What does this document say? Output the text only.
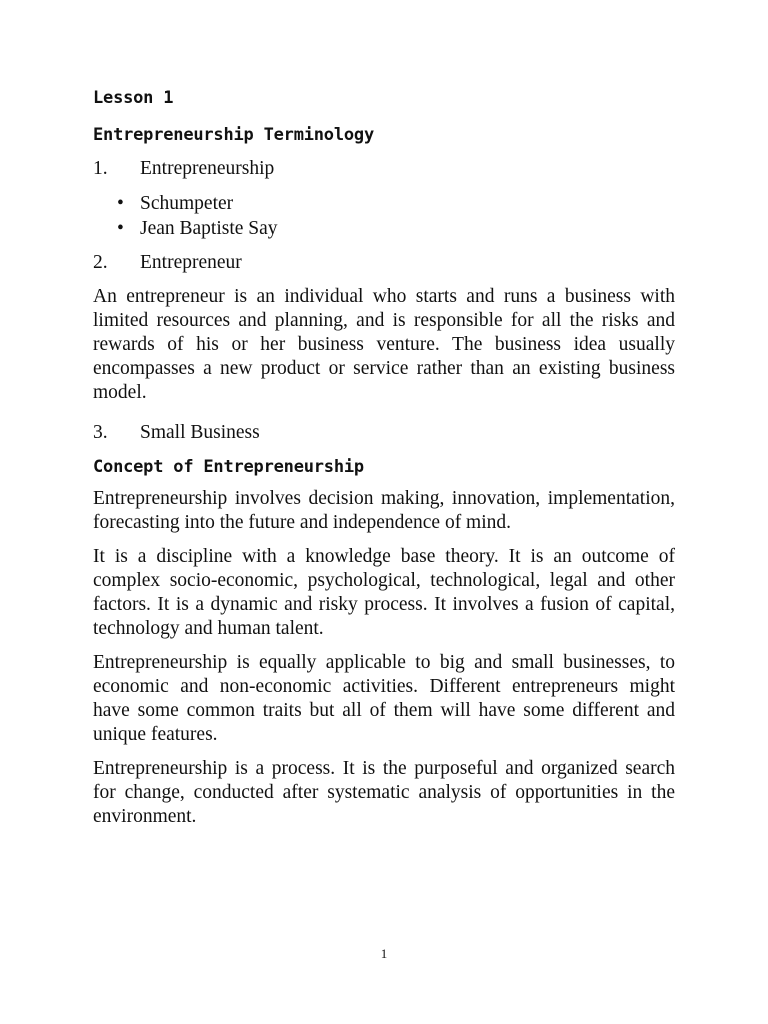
Lesson 1
Entrepreneurship Terminology
1.	Entrepreneurship
• Schumpeter
• Jean Baptiste Say
2.	Entrepreneur

An entrepreneur is an individual who starts and runs a business with limited resources and planning, and is responsible for all the risks and rewards of his or her business venture. The business idea usually encompasses a new product or service rather than an existing business model.

3.	Small Business
Concept of Entrepreneurship

Entrepreneurship involves decision making, innovation, implementation, forecasting into the future and independence of mind.

It is a discipline with a knowledge base theory. It is an outcome of complex socio-economic, psychological, technological, legal and other factors. It is a dynamic and risky process. It involves a fusion of capital, technology and human talent.

Entrepreneurship is equally applicable to big and small businesses, to economic and non-economic activities. Different entrepreneurs might have some common traits but all of them will have some different and unique features.

Entrepreneurship is a process. It is the purposeful and organized search for change, conducted after systematic analysis of opportunities in the environment.

1
